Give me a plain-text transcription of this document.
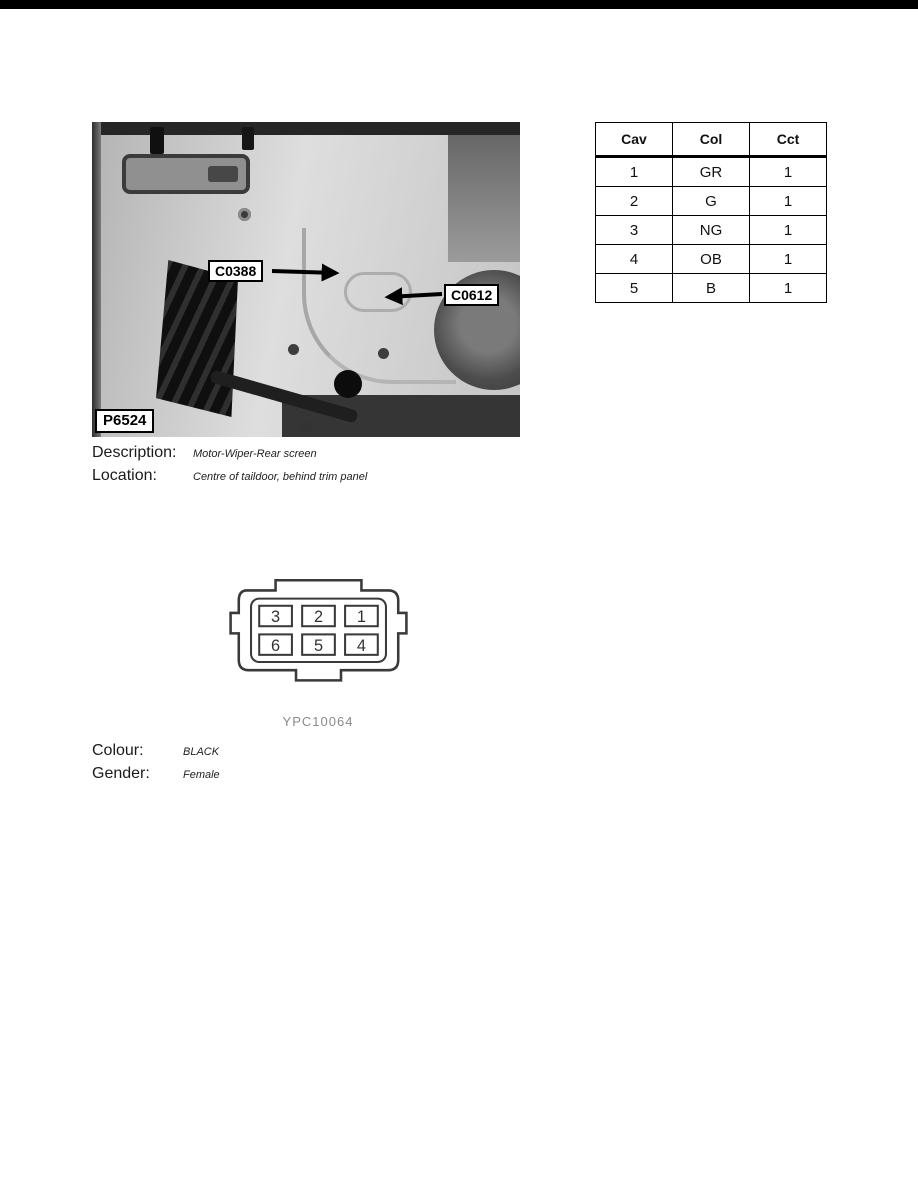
C0388
C0612
P6524
Cav	Col	Cct
1	GR	1
2	G	1
3	NG	1
4	OB	1
5	B	1
Description:	Motor-Wiper-Rear screen
Location:	Centre of taildoor, behind trim panel
3 2 1
6 5 4
YPC10064
Colour:	BLACK
Gender:	Female
